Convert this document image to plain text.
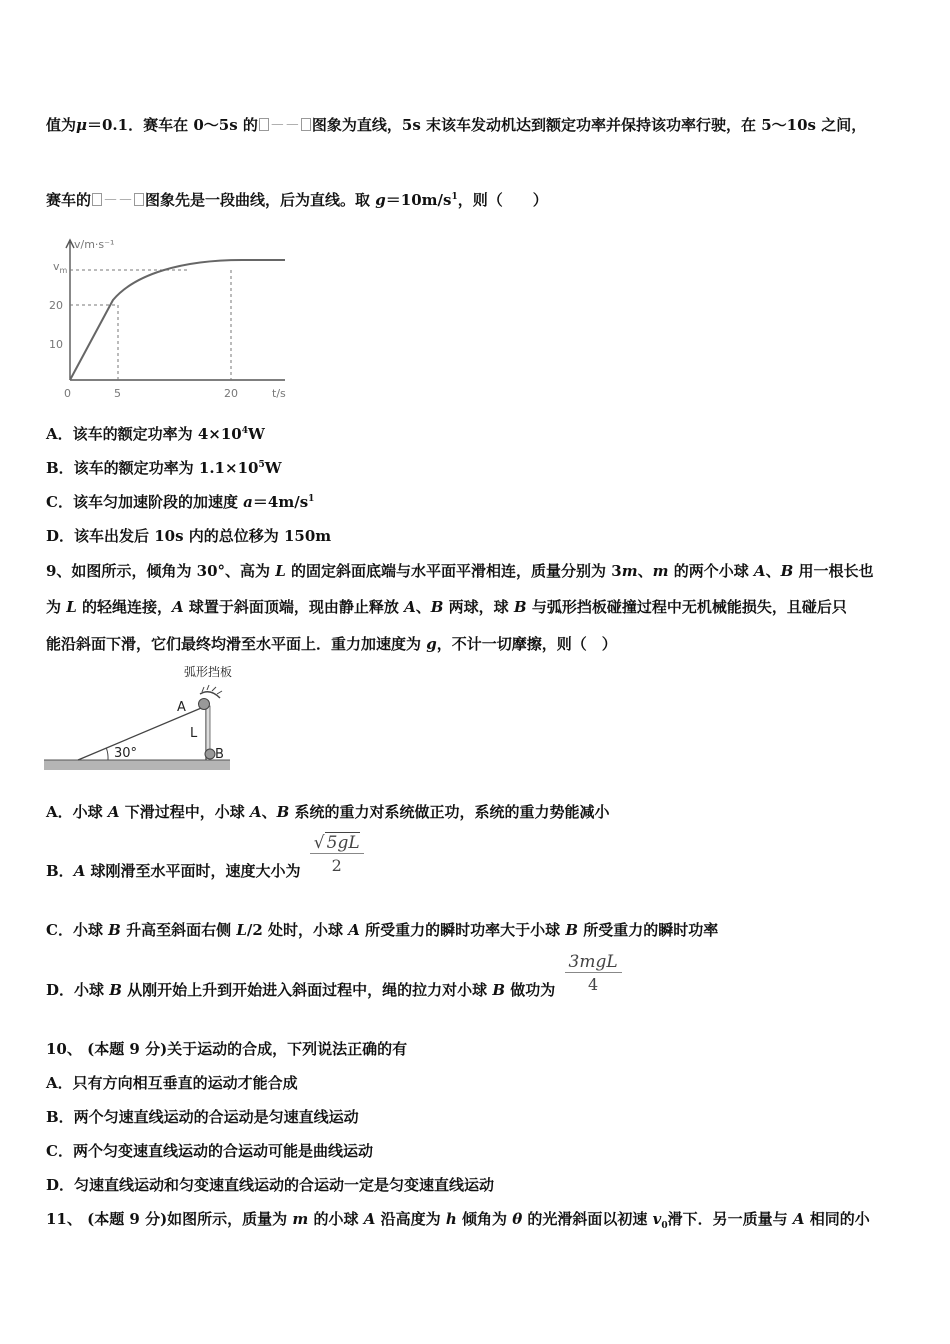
值为μ＝0.1．赛车在 0～5s 的 －－ 图象为直线，5s 末该车发动机达到额定功率并保持该功率行驶，在 5～10s 之间，
赛车的 －－ 图象先是一段曲线，后为直线。取 $g=10m/s^1$，则（　　）
v/m·s⁻¹
$v_m$
20
10
0	5	20	t/s
A．该车的额定功率为 $4\times 10^4W$
B．该车的额定功率为 $1.1\times 10^5W$
C．该车匀加速阶段的加速度 $a=4m/s^1$
D．该车出发后 10s 内的总位移为 150m
9、如图所示，倾角为 30°、高为 L 的固定斜面底端与水平面平滑相连，质量分别为 3m、m 的两个小球 A、B 用一根长也
为 L 的轻绳连接，A 球置于斜面顶端，现由静止释放 A、B 两球，球 B 与弧形挡板碰撞过程中无机械能损失，且碰后只
能沿斜面下滑，它们最终均滑至水平面上．重力加速度为 g，不计一切摩擦，则（　）
30°
弧形挡板
A
L
B
A．小球 A 下滑过程中，小球 A、B 系统的重力对系统做正功，系统的重力势能减小
B．A 球刚滑至水平面时，速度大小为 $\frac{√ 5gL}{2}$
C．小球 B 升高至斜面右侧 L/2 处时，小球 A 所受重力的瞬时功率大于小球 B 所受重力的瞬时功率
D．小球 B 从刚开始上升到开始进入斜面过程中，绳的拉力对小球 B 做功为 $\frac{\text{3mgL}}{4}$
10、 (本题 9 分)关于运动的合成，下列说法正确的有
A．只有方向相互垂直的运动才能合成
B．两个匀速直线运动的合运动是匀速直线运动
C．两个匀变速直线运动的合运动可能是曲线运动
D．匀速直线运动和匀变速直线运动的合运动一定是匀变速直线运动
11、 (本题 9 分)如图所示，质量为 m 的小球 A 沿高度为 h 倾角为 θ 的光滑斜面以初速 $v_0$滑下．另一质量与 A 相同的小
